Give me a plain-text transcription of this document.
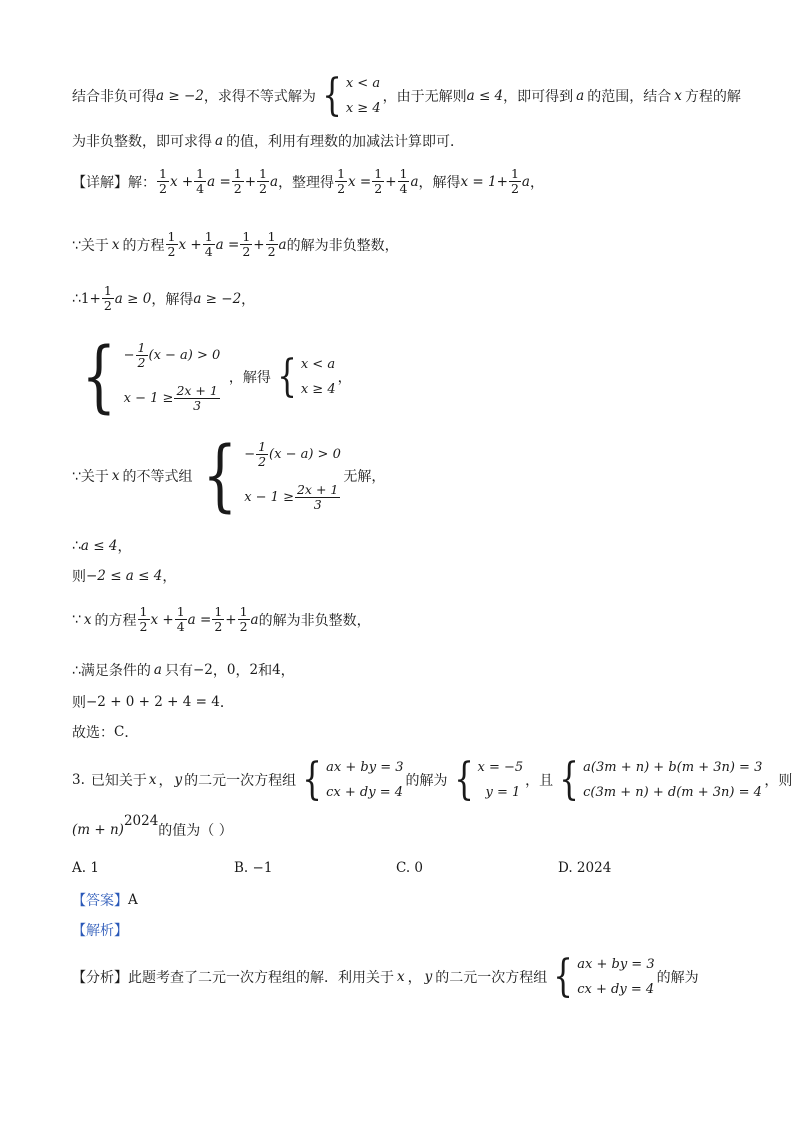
结合非负可得 a ≥ −2 ，求得不等式解为 { x < a
x ≥ 4
，由于无解则 a ≤ 4 ，即可得到 a 的范围，结合 x 方程的解
为非负整数，即可求得 a 的值，利用有理数的加减法计算即可．
【详解】 解： $\frac{1}{2}$ $x + \frac{1}{4}$ $a = \frac{1}{2} + \frac{1}{2}$ a ，整理得 $\frac{1}{2}$ $x = \frac{1}{2} + \frac{1}{4}$ a ，解得 $x = 1+ \frac{1}{2}$ a ，
∵关于 x 的方程 $\frac{1}{2}$ $x + \frac{1}{4}$ $a = \frac{1}{2} + \frac{1}{2}$ a 的解为非负整数，
∴ $1+ \frac{1}{2}$ a ≥ 0 ，解得 a ≥ −2 ，
{ − $\frac{1}{2} (x - a) > 0$
$x - 1 \ge \frac{2x + 1}{3}$
，解得 { x < a
x ≥ 4
，
∵关于 x 的不等式组 { − $\frac{1}{2} (x - a) > 0$
$x - 1 \ge \frac{2x + 1}{3}$
无解，
∴ a ≤ 4 ，
则 −2 ≤ a ≤ 4 ，
∵ x 的方程 $\frac{1}{2}$ $x + \frac{1}{4}$ $a = \frac{1}{2} + \frac{1}{2}$ a 的解为非负整数，
∴满足条件的 a 只有 −2 ， 0 ， 2 和 4 ，
则 −2 + 0 + 2 + 4 = 4 ．
故选： C ．
3. 已知关于 x ， y 的二元一次方程组 { ax + by = 3
cx + dy = 4
的解为 { x = −5
y = 1
，且 { a(3m + n) + b(m + 3n) = 3
c(3m + n) + d(m + 3n) = 4
，则
(m + n)
$^{2024}$
的值为（ ）
A. 1	B. −1	C. 0	D. 2024
【答案】 A
【解析】
【分析】 此题考查了二元一次方程组的解．利用关于 x ， y 的二元一次方程组 { ax + by = 3
cx + dy = 4
的解为
